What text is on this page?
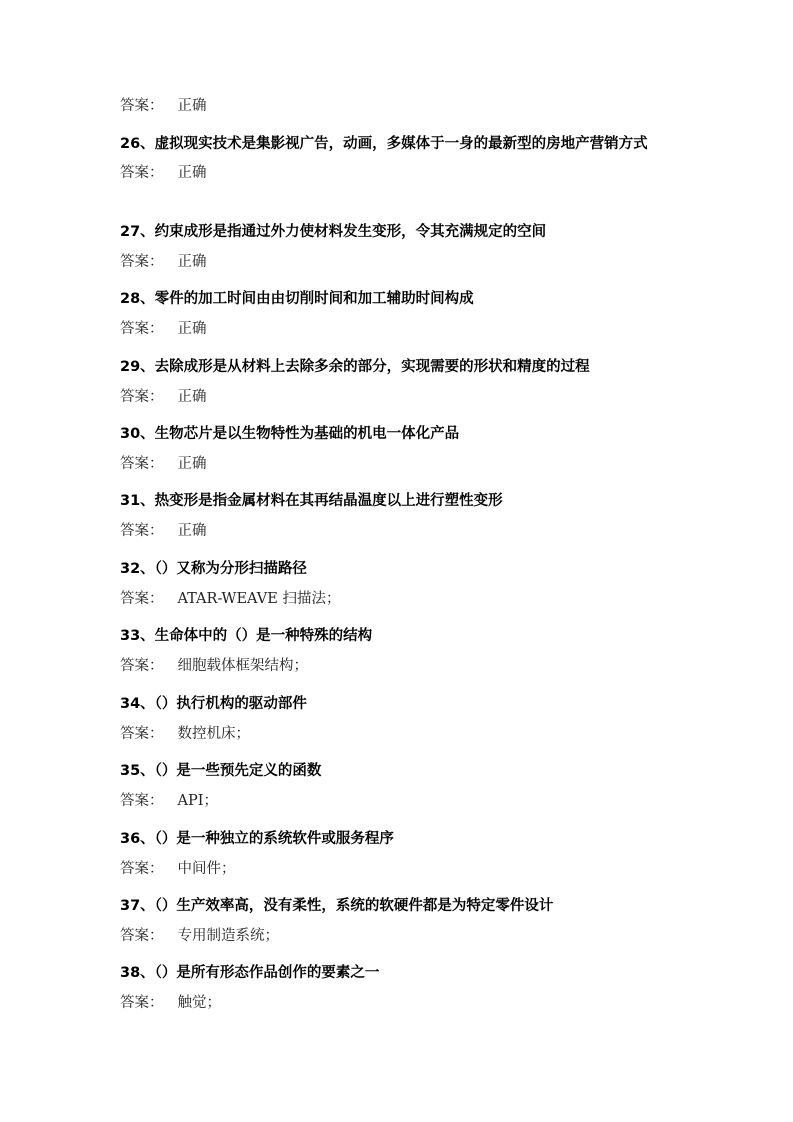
答案： 正确

26、虚拟现实技术是集影视广告，动画，多媒体于一身的最新型的房地产营销方式

答案： 正确

27、约束成形是指通过外力使材料发生变形，令其充满规定的空间

答案： 正确

28、零件的加工时间由由切削时间和加工辅助时间构成

答案： 正确

29、去除成形是从材料上去除多余的部分，实现需要的形状和精度的过程

答案： 正确

30、生物芯片是以生物特性为基础的机电一体化产品

答案： 正确

31、热变形是指金属材料在其再结晶温度以上进行塑性变形

答案： 正确

32、（）又称为分形扫描路径

答案： ATAR-WEAVE 扫描法；

33、生命体中的（）是一种特殊的结构

答案： 细胞载体框架结构；

34、（）执行机构的驱动部件

答案： 数控机床；

35、（）是一些预先定义的函数

答案： API；

36、（）是一种独立的系统软件或服务程序

答案： 中间件；

37、（）生产效率高，没有柔性，系统的软硬件都是为特定零件设计

答案： 专用制造系统；

38、（）是所有形态作品创作的要素之一

答案： 触觉；
